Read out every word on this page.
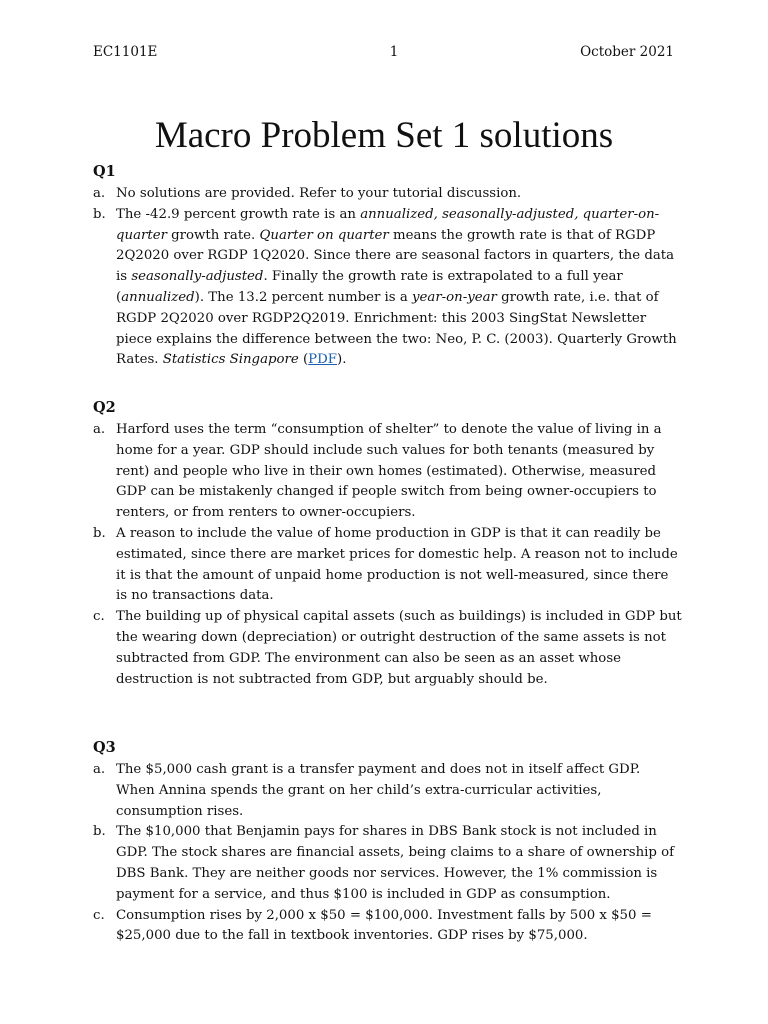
EC1101E	1	October 2021
Macro Problem Set 1 solutions
Q1
a. No solutions are provided. Refer to your tutorial discussion.
b. The -42.9 percent growth rate is an annualized, seasonally-adjusted, quarter-on-quarter growth rate. Quarter on quarter means the growth rate is that of RGDP 2Q2020 over RGDP 1Q2020. Since there are seasonal factors in quarters, the data is seasonally-adjusted. Finally the growth rate is extrapolated to a full year (annualized). The 13.2 percent number is a year-on-year growth rate, i.e. that of RGDP 2Q2020 over RGDP2Q2019. Enrichment: this 2003 SingStat Newsletter piece explains the difference between the two: Neo, P. C. (2003). Quarterly Growth Rates. Statistics Singapore (PDF).
Q2
a. Harford uses the term “consumption of shelter” to denote the value of living in a home for a year. GDP should include such values for both tenants (measured by rent) and people who live in their own homes (estimated). Otherwise, measured GDP can be mistakenly changed if people switch from being owner-occupiers to renters, or from renters to owner-occupiers.
b. A reason to include the value of home production in GDP is that it can readily be estimated, since there are market prices for domestic help. A reason not to include it is that the amount of unpaid home production is not well-measured, since there is no transactions data.
c. The building up of physical capital assets (such as buildings) is included in GDP but the wearing down (depreciation) or outright destruction of the same assets is not subtracted from GDP. The environment can also be seen as an asset whose destruction is not subtracted from GDP, but arguably should be.
Q3
a. The $5,000 cash grant is a transfer payment and does not in itself affect GDP. When Annina spends the grant on her child’s extra-curricular activities, consumption rises.
b. The $10,000 that Benjamin pays for shares in DBS Bank stock is not included in GDP. The stock shares are financial assets, being claims to a share of ownership of DBS Bank. They are neither goods nor services. However, the 1% commission is payment for a service, and thus $100 is included in GDP as consumption.
c. Consumption rises by 2,000 x $50 = $100,000. Investment falls by 500 x $50 = $25,000 due to the fall in textbook inventories. GDP rises by $75,000.
